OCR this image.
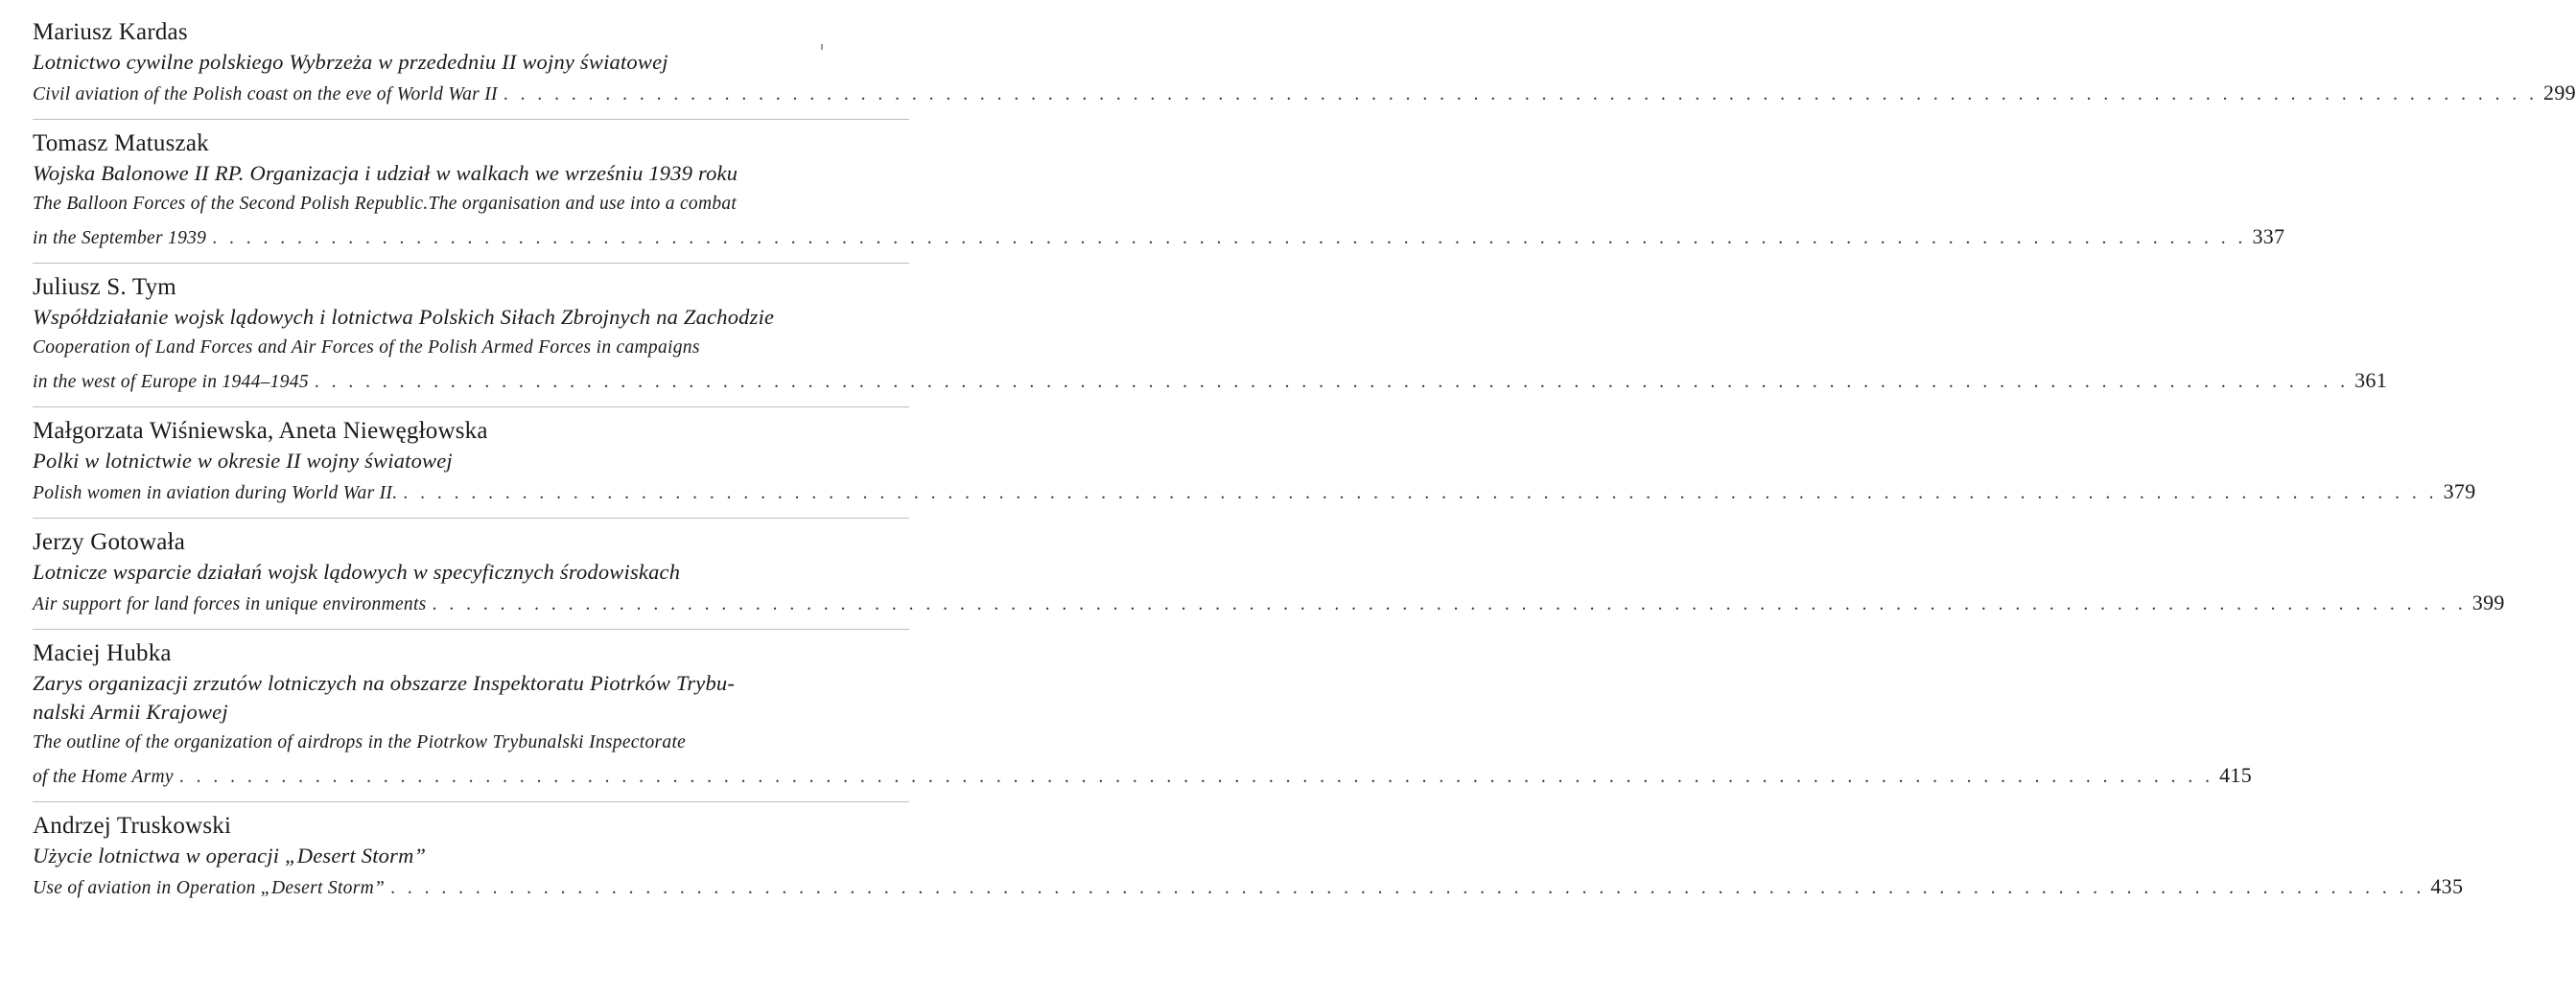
Mariusz Kardas
Lotnictwo cywilne polskiego Wybrzeża w przededniu II wojny światowej
Civil aviation of the Polish coast on the eve of World War II . . . . . . . . . . . . . . . . . . . . . . . . . . . . . . . . . . . . . . . . . . . . . . . . . . . . . . . . . . . . . . . . . . . . . . . . . . . . . . . . . . . . . . . . . . . . . . . . . . . . . . . . . . . . . . . . . . . . . . . . 299
Tomasz Matuszak
Wojska Balonowe II RP. Organizacja i udział w walkach we wrześniu 1939 roku
The Balloon Forces of the Second Polish Republic.The organisation and use into a combat
in the September 1939 . . . . . . . . . . . . . . . . . . . . . . . . . . . . . . . . . . . . . . . . . . . . . . . . . . . . . . . . . . . . . . . . . . . . . . . . . . . . . . . . . . . . . . . . . . . . . . . . . . . . . . . . . . . . . . . . . . . . . . . . 337
Juliusz S. Tym
Współdziałanie wojsk lądowych i lotnictwa Polskich Siłach Zbrojnych na Zachodzie
Cooperation of Land Forces and Air Forces of the Polish Armed Forces in campaigns
in the west of Europe in 1944–1945 . . . . . . . . . . . . . . . . . . . . . . . . . . . . . . . . . . . . . . . . . . . . . . . . . . . . . . . . . . . . . . . . . . . . . . . . . . . . . . . . . . . . . . . . . . . . . . . . . . . . . . . . . . . . . . . . . . . . . . . . 361
Małgorzata Wiśniewska, Aneta Niewęgłowska
Polki w lotnictwie w okresie II wojny światowej
Polish women in aviation during World War II. . . . . . . . . . . . . . . . . . . . . . . . . . . . . . . . . . . . . . . . . . . . . . . . . . . . . . . . . . . . . . . . . . . . . . . . . . . . . . . . . . . . . . . . . . . . . . . . . . . . . . . . . . . . . . . . . . . . . . . . . 379
Jerzy Gotowała
Lotnicze wsparcie działań wojsk lądowych w specyficznych środowiskach
Air support for land forces in unique environments . . . . . . . . . . . . . . . . . . . . . . . . . . . . . . . . . . . . . . . . . . . . . . . . . . . . . . . . . . . . . . . . . . . . . . . . . . . . . . . . . . . . . . . . . . . . . . . . . . . . . . . . . . . . . . . . . . . . . . . . 399
Maciej Hubka
Zarys organizacji zrzutów lotniczych na obszarze Inspektoratu Piotrków Trybu-
nalski Armii Krajowej
The outline of the organization of airdrops in the Piotrkow Trybunalski Inspectorate
of the Home Army . . . . . . . . . . . . . . . . . . . . . . . . . . . . . . . . . . . . . . . . . . . . . . . . . . . . . . . . . . . . . . . . . . . . . . . . . . . . . . . . . . . . . . . . . . . . . . . . . . . . . . . . . . . . . . . . . . . . . . . . 415
Andrzej Truskowski
Użycie lotnictwa w operacji „Desert Storm”
Use of aviation in Operation „Desert Storm” . . . . . . . . . . . . . . . . . . . . . . . . . . . . . . . . . . . . . . . . . . . . . . . . . . . . . . . . . . . . . . . . . . . . . . . . . . . . . . . . . . . . . . . . . . . . . . . . . . . . . . . . . . . . . . . . . . . . . . . . 435
